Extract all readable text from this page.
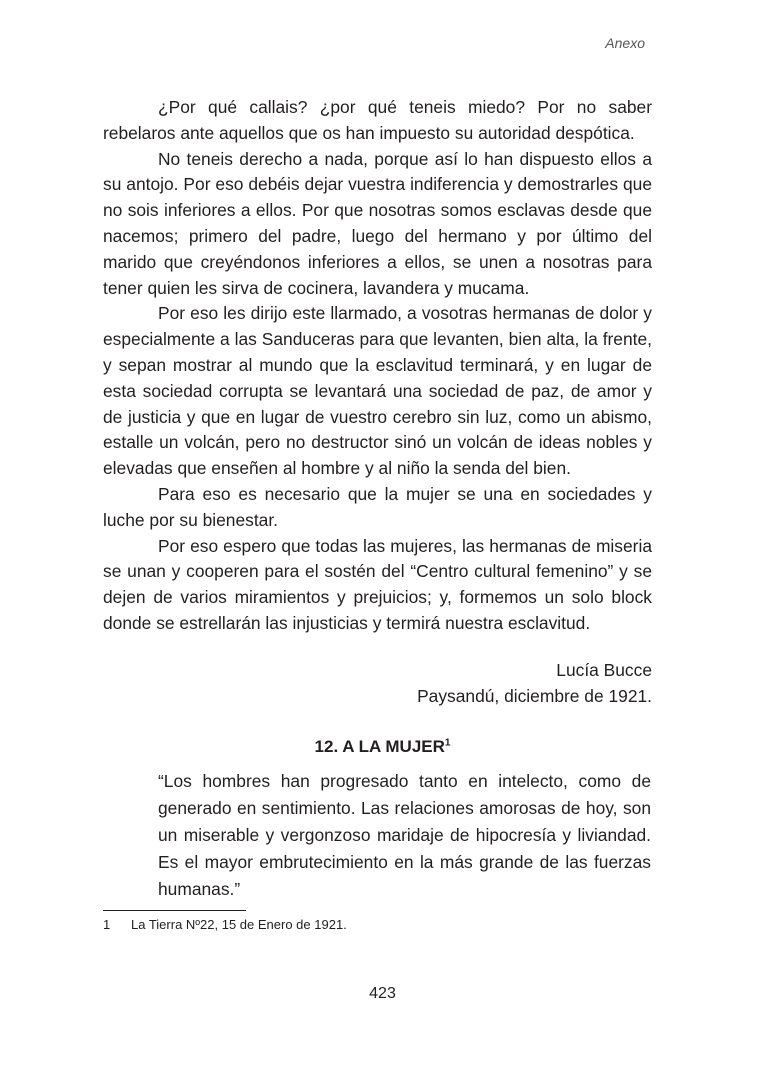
Anexo

¿Por qué callais? ¿por qué teneis miedo? Por no saber rebelaros ante aquellos que os han impuesto su autoridad despótica.

No teneis derecho a nada, porque así lo han dispuesto ellos a su antojo. Por eso debéis dejar vuestra indiferencia y demostrarles que no sois inferiores a ellos. Por que nosotras somos esclavas desde que nacemos; primero del padre, luego del hermano y por último del marido que creyéndonos inferiores a ellos, se unen a nosotras para tener quien les sirva de cocinera, lavandera y mucama.

Por eso les dirijo este llarmado, a vosotras hermanas de dolor y especialmente a las Sanduceras para que levanten, bien alta, la frente, y sepan mostrar al mundo que la esclavitud terminará, y en lugar de esta sociedad corrupta se levantará una sociedad de paz, de amor y de justicia y que en lugar de vuestro cerebro sin luz, como un abismo, estalle un volcán, pero no destructor sinó un volcán de ideas nobles y elevadas que enseñen al hombre y al niño la senda del bien.

Para eso es necesario que la mujer se una en sociedades y luche por su bienestar.

Por eso espero que todas las mujeres, las hermanas de miseria se unan y cooperen para el sostén del “Centro cultural femenino” y se dejen de varios miramientos y prejuicios; y, formemos un solo block donde se estrellarán las injusticias y termirá nuestra esclavitud.

Lucía Bucce
Paysandú, diciembre de 1921.
12. A LA MUJER$^1$
“Los hombres han progresado tanto en intelecto, como de generado en sentimiento. Las relaciones amorosas de hoy, son un miserable y vergonzoso maridaje de hipocresía y liviandad. Es el mayor embrutecimiento en la más grande de las fuerzas humanas.”
1 La Tierra Nº22, 15 de Enero de 1921.
423
